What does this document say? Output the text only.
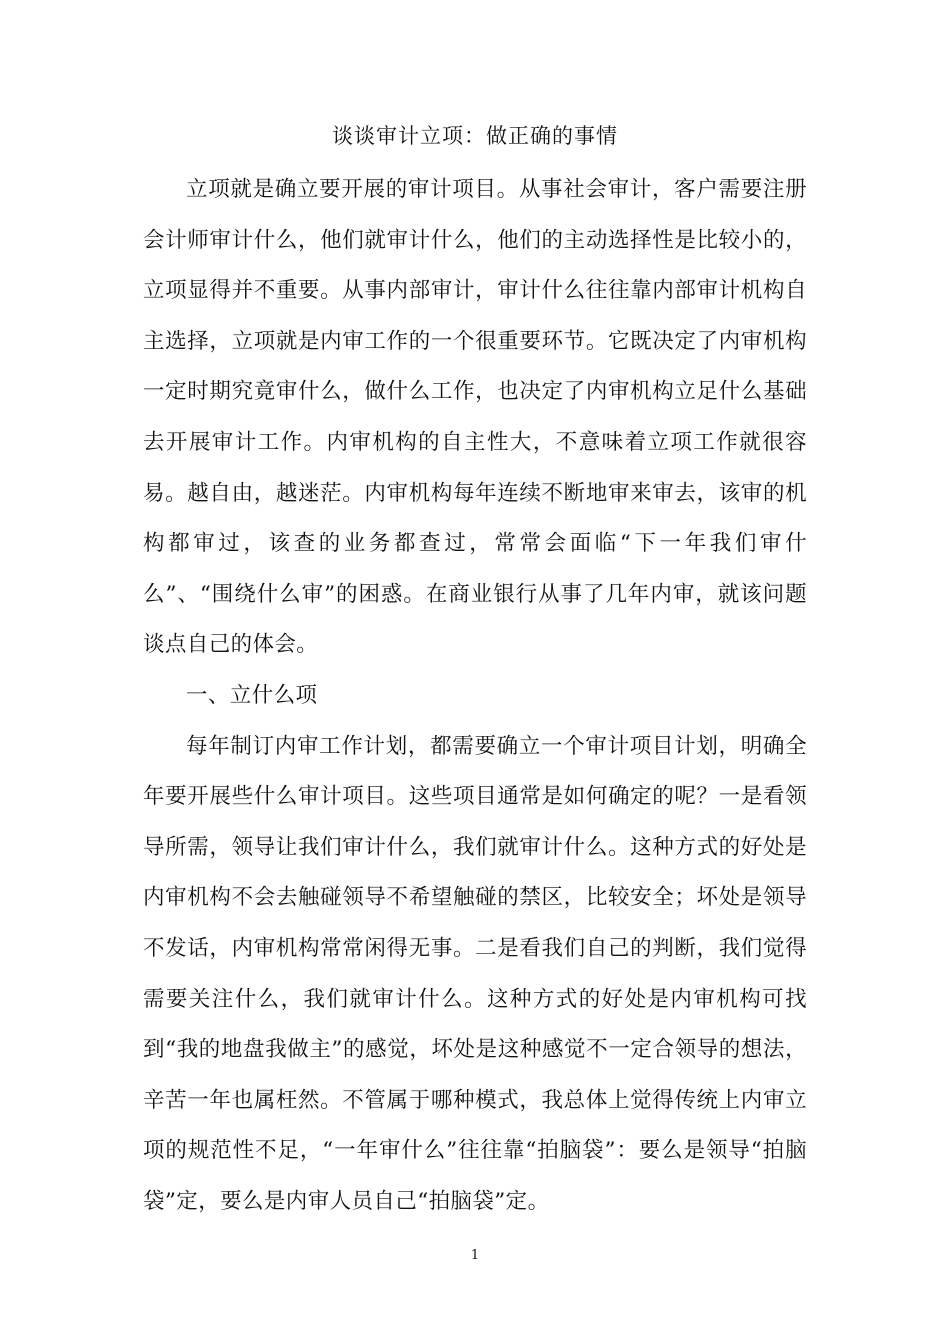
谈谈审计立项：做正确的事情

立项就是确立要开展的审计项目。从事社会审计，客户需要注册会计师审计什么，他们就审计什么，他们的主动选择性是比较小的，立项显得并不重要。从事内部审计，审计什么往往靠内部审计机构自主选择，立项就是内审工作的一个很重要环节。它既决定了内审机构一定时期究竟审什么，做什么工作，也决定了内审机构立足什么基础去开展审计工作。内审机构的自主性大，不意味着立项工作就很容易。越自由，越迷茫。内审机构每年连续不断地审来审去，该审的机构都审过，该查的业务都查过，常常会面临“下一年我们审什么”、“围绕什么审”的困惑。在商业银行从事了几年内审，就该问题谈点自己的体会。

一、立什么项

每年制订内审工作计划，都需要确立一个审计项目计划，明确全年要开展些什么审计项目。这些项目通常是如何确定的呢？一是看领导所需，领导让我们审计什么，我们就审计什么。这种方式的好处是内审机构不会去触碰领导不希望触碰的禁区，比较安全；坏处是领导不发话，内审机构常常闲得无事。二是看我们自己的判断，我们觉得需要关注什么，我们就审计什么。这种方式的好处是内审机构可找到“我的地盘我做主”的感觉，坏处是这种感觉不一定合领导的想法，辛苦一年也属枉然。不管属于哪种模式，我总体上觉得传统上内审立项的规范性不足，“一年审什么”往往靠“拍脑袋”：要么是领导“拍脑袋”定，要么是内审人员自己“拍脑袋”定。

1
